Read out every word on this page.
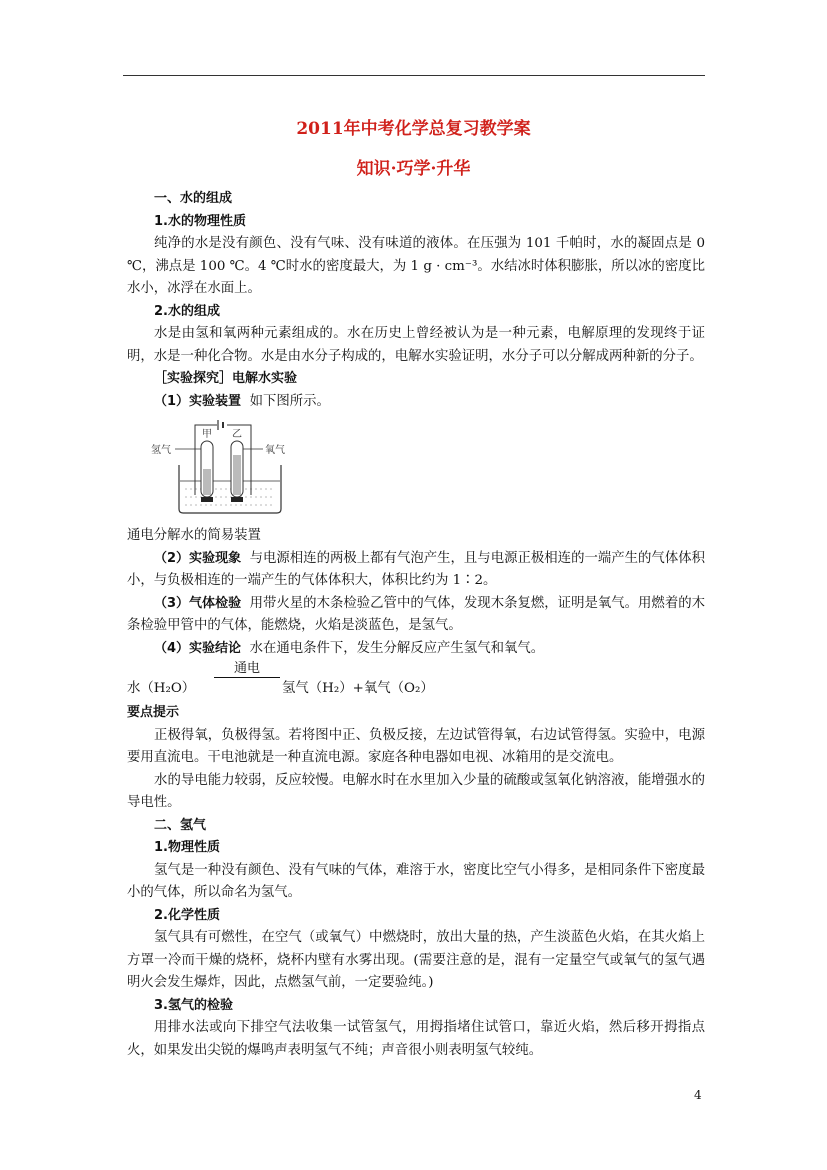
2011年中考化学总复习教学案
知识·巧学·升华

一、水的组成

1.水的物理性质

纯净的水是没有颜色、没有气味、没有味道的液体。在压强为 101 千帕时，水的凝固点是 0 ℃，沸点是 100 ℃。4 ℃时水的密度最大，为 1 g · cm⁻³。水结冰时体积膨胀，所以冰的密度比水小，冰浮在水面上。

2.水的组成

水是由氢和氧两种元素组成的。水在历史上曾经被认为是一种元素，电解原理的发现终于证明，水是一种化合物。水是由水分子构成的，电解水实验证明，水分子可以分解成两种新的分子。

［实验探究］电解水实验

（1）实验装置 如下图所示。

氢气	氧气
甲 乙

通电分解水的简易装置

（2）实验现象 与电源相连的两极上都有气泡产生，且与电源正极相连的一端产生的气体体积小，与负极相连的一端产生的气体体积大，体积比约为 1∶2。

（3）气体检验 用带火星的木条检验乙管中的气体，发现木条复燃，证明是氧气。用燃着的木条检验甲管中的气体，能燃烧，火焰是淡蓝色，是氢气。

（4）实验结论 水在通电条件下，发生分解反应产生氢气和氧气。

水（H₂O）
通电
氢气（H₂）+氧气（O₂）

要点提示

正极得氧，负极得氢。若将图中正、负极反接，左边试管得氧，右边试管得氢。实验中，电源要用直流电。干电池就是一种直流电源。家庭各种电器如电视、冰箱用的是交流电。

水的导电能力较弱，反应较慢。电解水时在水里加入少量的硫酸或氢氧化钠溶液，能增强水的导电性。

二、氢气

1.物理性质

氢气是一种没有颜色、没有气味的气体，难溶于水，密度比空气小得多，是相同条件下密度最小的气体，所以命名为氢气。

2.化学性质

氢气具有可燃性，在空气（或氧气）中燃烧时，放出大量的热，产生淡蓝色火焰，在其火焰上方罩一冷而干燥的烧杯，烧杯内壁有水雾出现。(需要注意的是，混有一定量空气或氧气的氢气遇明火会发生爆炸，因此，点燃氢气前，一定要验纯。)

3.氢气的检验

用排水法或向下排空气法收集一试管氢气，用拇指堵住试管口，靠近火焰，然后移开拇指点火，如果发出尖锐的爆鸣声表明氢气不纯；声音很小则表明氢气较纯。

4
